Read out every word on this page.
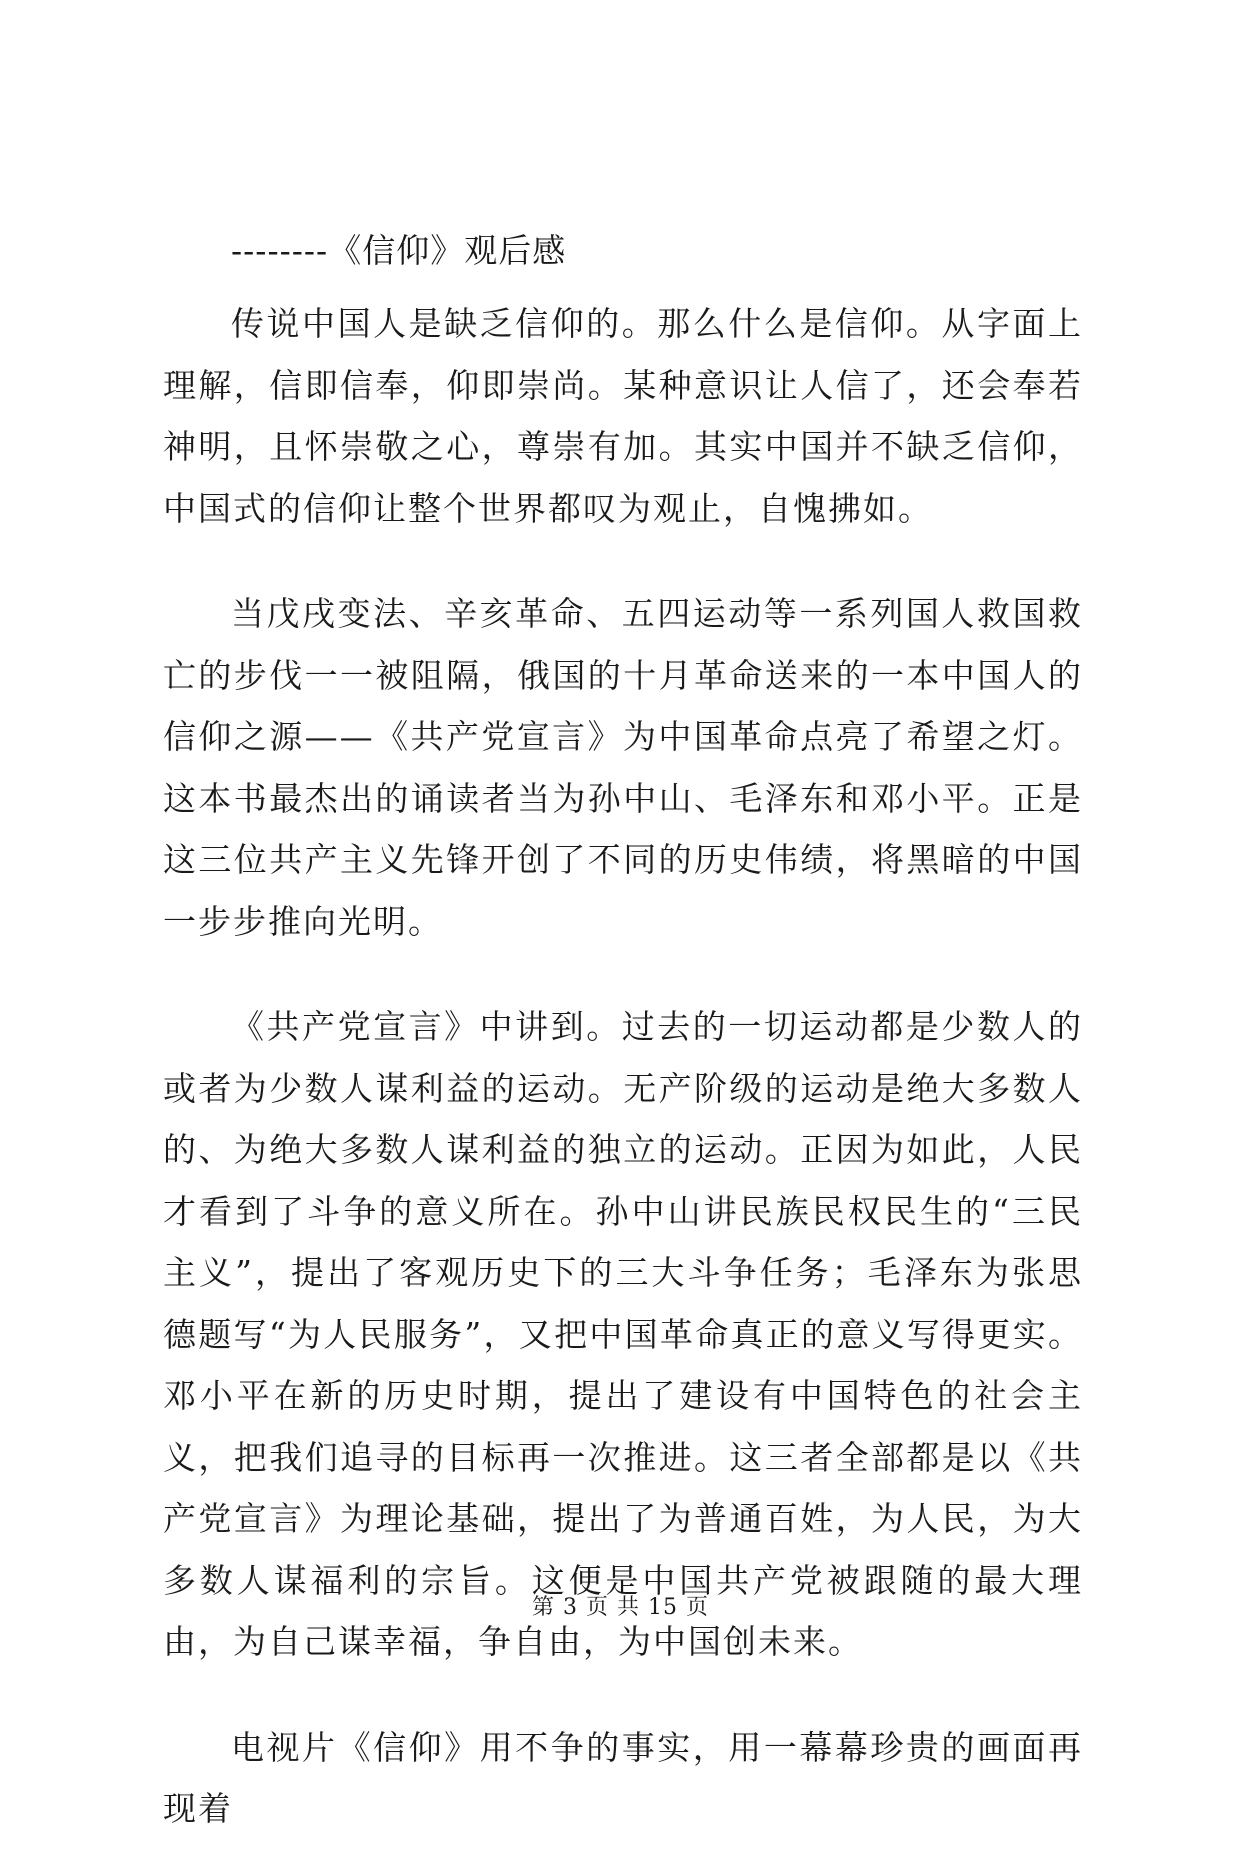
--------《信仰》观后感

传说中国人是缺乏信仰的。那么什么是信仰。从字面上理解，信即信奉，仰即崇尚。某种意识让人信了，还会奉若神明，且怀崇敬之心，尊崇有加。其实中国并不缺乏信仰，中国式的信仰让整个世界都叹为观止，自愧拂如。

当戊戌变法、辛亥革命、五四运动等一系列国人救国救亡的步伐一一被阻隔，俄国的十月革命送来的一本中国人的信仰之源——《共产党宣言》为中国革命点亮了希望之灯。这本书最杰出的诵读者当为孙中山、毛泽东和邓小平。正是这三位共产主义先锋开创了不同的历史伟绩，将黑暗的中国一步步推向光明。

《共产党宣言》中讲到。过去的一切运动都是少数人的或者为少数人谋利益的运动。无产阶级的运动是绝大多数人的、为绝大多数人谋利益的独立的运动。正因为如此，人民才看到了斗争的意义所在。孙中山讲民族民权民生的“三民主义”，提出了客观历史下的三大斗争任务；毛泽东为张思德题写“为人民服务”，又把中国革命真正的意义写得更实。邓小平在新的历史时期，提出了建设有中国特色的社会主义，把我们追寻的目标再一次推进。这三者全部都是以《共产党宣言》为理论基础，提出了为普通百姓，为人民，为大多数人谋福利的宗旨。这便是中国共产党被跟随的最大理由，为自己谋幸福，争自由，为中国创未来。

电视片《信仰》用不争的事实，用一幕幕珍贵的画面再现着

第 3 页 共 15 页
